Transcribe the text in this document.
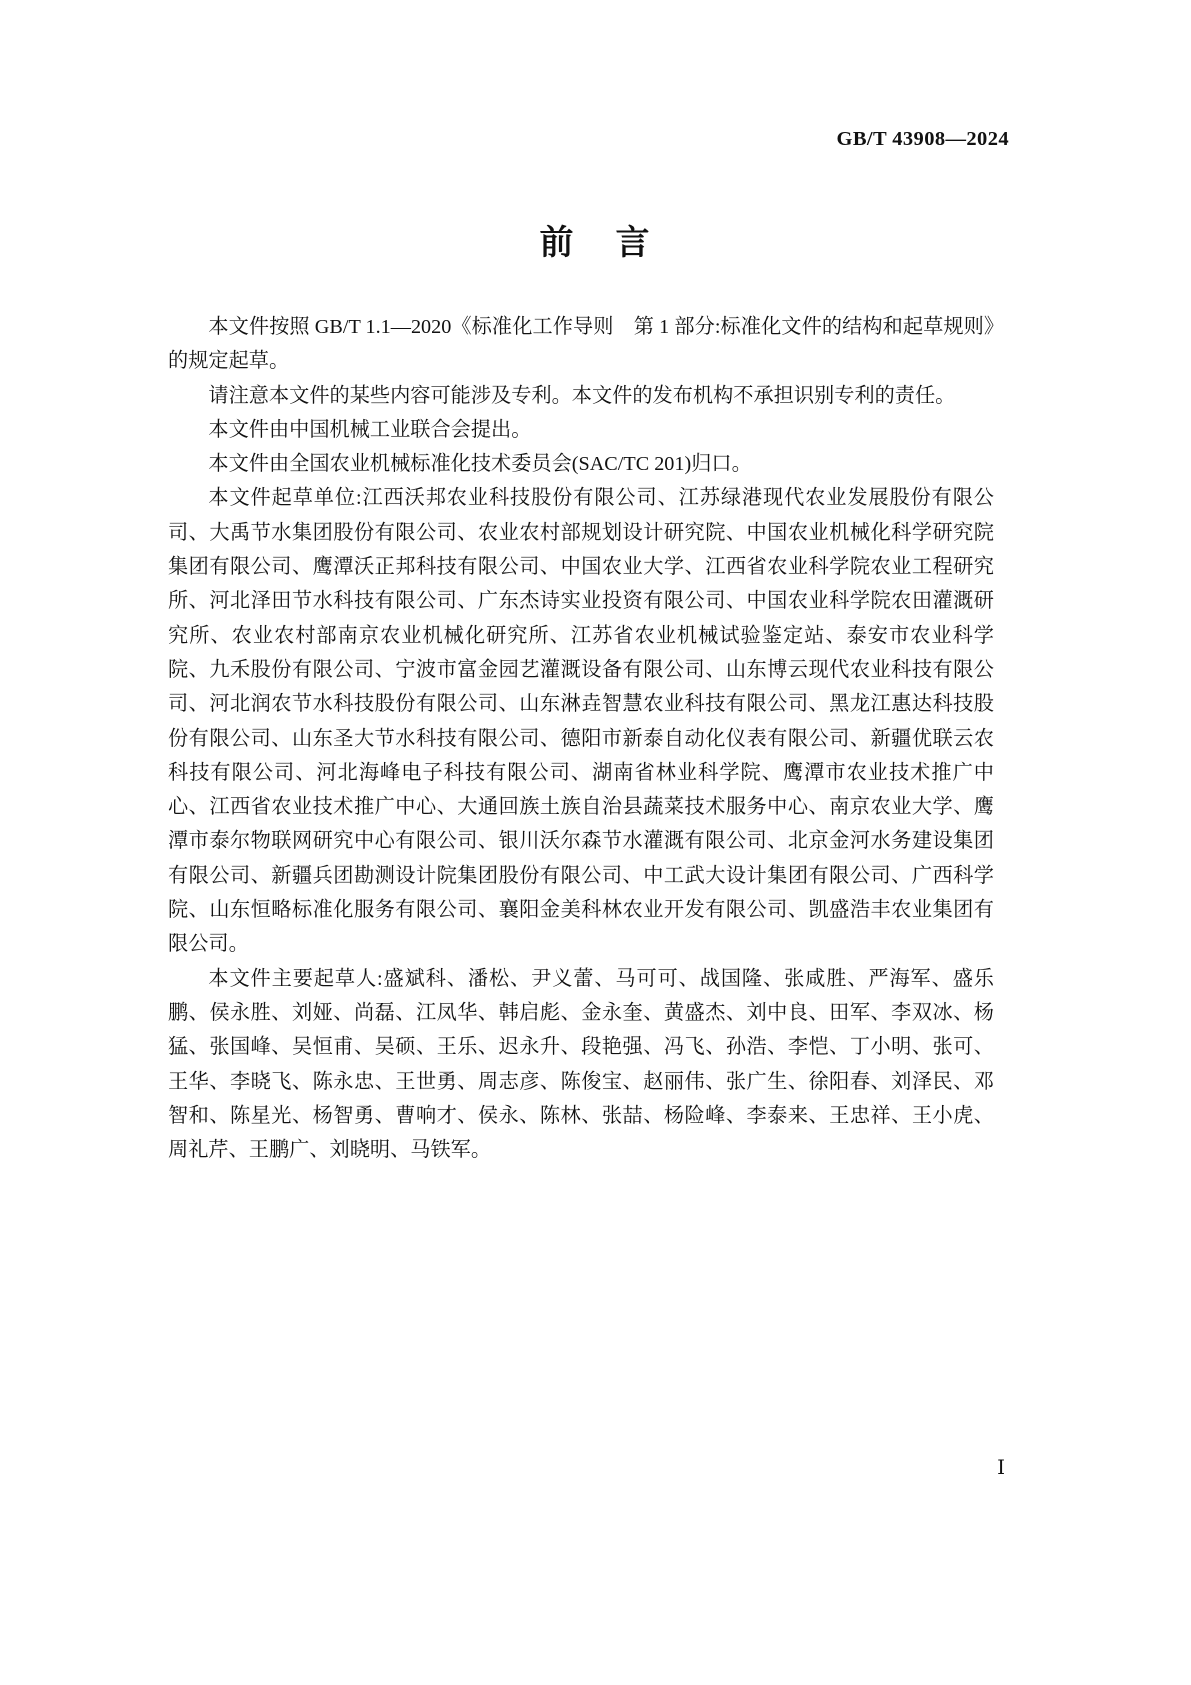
GB/T 43908—2024
前 言

本文件按照 GB/T 1.1—2020《标准化工作导则　第 1 部分:标准化文件的结构和起草规则》的规定起草。

请注意本文件的某些内容可能涉及专利。本文件的发布机构不承担识别专利的责任。

本文件由中国机械工业联合会提出。

本文件由全国农业机械标准化技术委员会(SAC/TC 201)归口。

本文件起草单位:江西沃邦农业科技股份有限公司、江苏绿港现代农业发展股份有限公司、大禹节水集团股份有限公司、农业农村部规划设计研究院、中国农业机械化科学研究院集团有限公司、鹰潭沃正邦科技有限公司、中国农业大学、江西省农业科学院农业工程研究所、河北泽田节水科技有限公司、广东杰诗实业投资有限公司、中国农业科学院农田灌溉研究所、农业农村部南京农业机械化研究所、江苏省农业机械试验鉴定站、泰安市农业科学院、九禾股份有限公司、宁波市富金园艺灌溉设备有限公司、山东博云现代农业科技有限公司、河北润农节水科技股份有限公司、山东淋垚智慧农业科技有限公司、黑龙江惠达科技股份有限公司、山东圣大节水科技有限公司、德阳市新泰自动化仪表有限公司、新疆优联云农科技有限公司、河北海峰电子科技有限公司、湖南省林业科学院、鹰潭市农业技术推广中心、江西省农业技术推广中心、大通回族土族自治县蔬菜技术服务中心、南京农业大学、鹰潭市泰尔物联网研究中心有限公司、银川沃尔森节水灌溉有限公司、北京金河水务建设集团有限公司、新疆兵团勘测设计院集团股份有限公司、中工武大设计集团有限公司、广西科学院、山东恒略标准化服务有限公司、襄阳金美科林农业开发有限公司、凯盛浩丰农业集团有限公司。

本文件主要起草人:盛斌科、潘松、尹义蕾、马可可、战国隆、张咸胜、严海军、盛乐鹏、侯永胜、刘娅、尚磊、江凤华、韩启彪、金永奎、黄盛杰、刘中良、田军、李双冰、杨猛、张国峰、吴恒甫、吴硕、王乐、迟永升、段艳强、冯飞、孙浩、李恺、丁小明、张可、王华、李晓飞、陈永忠、王世勇、周志彦、陈俊宝、赵丽伟、张广生、徐阳春、刘泽民、邓智和、陈星光、杨智勇、曹响才、侯永、陈林、张喆、杨险峰、李泰来、王忠祥、王小虎、周礼芹、王鹏广、刘晓明、马铁军。

Ⅰ
